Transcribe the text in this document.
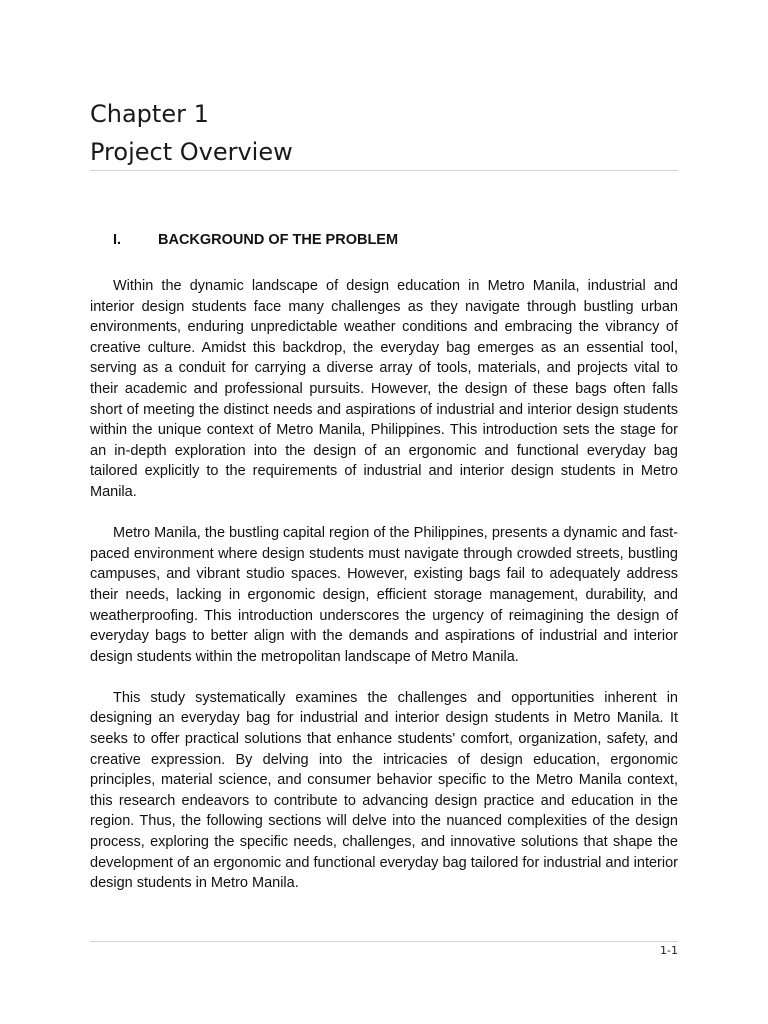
Chapter 1
Project Overview
I.	BACKGROUND OF THE PROBLEM

Within the dynamic landscape of design education in Metro Manila, industrial and interior design students face many challenges as they navigate through bustling urban environments, enduring unpredictable weather conditions and embracing the vibrancy of creative culture. Amidst this backdrop, the everyday bag emerges as an essential tool, serving as a conduit for carrying a diverse array of tools, materials, and projects vital to their academic and professional pursuits. However, the design of these bags often falls short of meeting the distinct needs and aspirations of industrial and interior design students within the unique context of Metro Manila, Philippines. This introduction sets the stage for an in-depth exploration into the design of an ergonomic and functional everyday bag tailored explicitly to the requirements of industrial and interior design students in Metro Manila.

Metro Manila, the bustling capital region of the Philippines, presents a dynamic and fast-paced environment where design students must navigate through crowded streets, bustling campuses, and vibrant studio spaces. However, existing bags fail to adequately address their needs, lacking in ergonomic design, efficient storage management, durability, and weatherproofing. This introduction underscores the urgency of reimagining the design of everyday bags to better align with the demands and aspirations of industrial and interior design students within the metropolitan landscape of Metro Manila.

This study systematically examines the challenges and opportunities inherent in designing an everyday bag for industrial and interior design students in Metro Manila. It seeks to offer practical solutions that enhance students' comfort, organization, safety, and creative expression. By delving into the intricacies of design education, ergonomic principles, material science, and consumer behavior specific to the Metro Manila context, this research endeavors to contribute to advancing design practice and education in the region. Thus, the following sections will delve into the nuanced complexities of the design process, exploring the specific needs, challenges, and innovative solutions that shape the development of an ergonomic and functional everyday bag tailored for industrial and interior design students in Metro Manila.

1-1
